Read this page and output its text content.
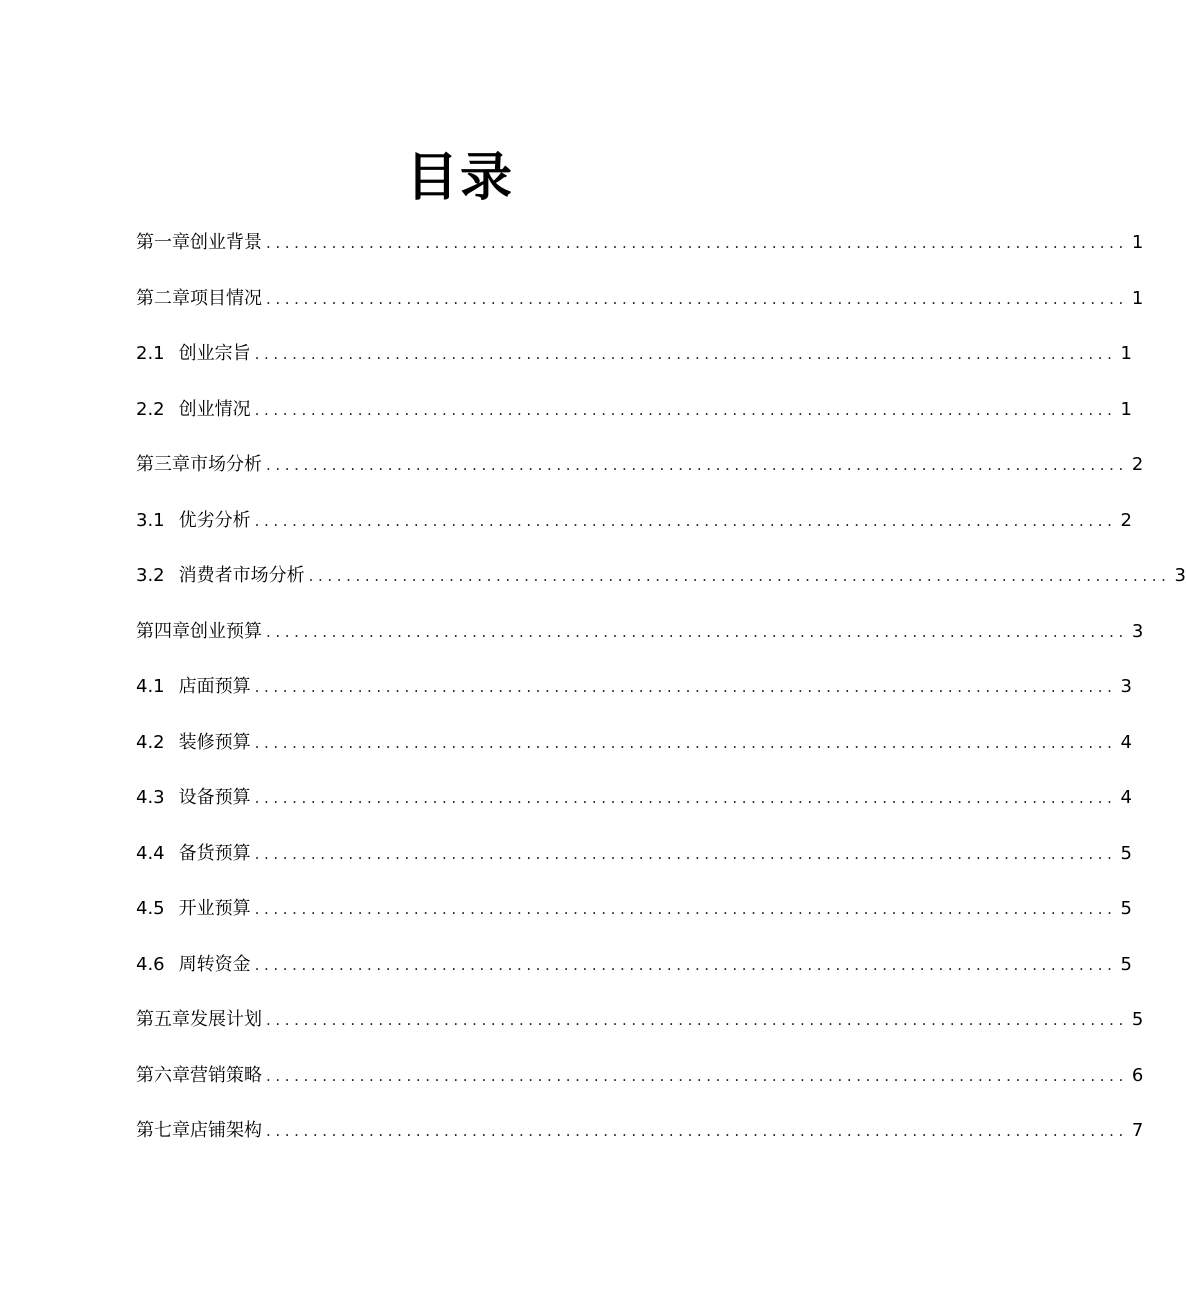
目录
第一章创业背景 ............................................................................................ 1
第二章项目情况 ............................................................................................ 1
2.1 创业宗旨 ............................................................................................ 1
2.2 创业情况 ............................................................................................ 1
第三章市场分析 ............................................................................................ 2
3.1 优劣分析 ............................................................................................ 2
3.2 消费者市场分析 ............................................................................................ 3
第四章创业预算 ............................................................................................ 3
4.1 店面预算 ............................................................................................ 3
4.2 装修预算 ............................................................................................ 4
4.3 设备预算 ............................................................................................ 4
4.4 备货预算 ............................................................................................ 5
4.5 开业预算 ............................................................................................ 5
4.6 周转资金 ............................................................................................ 5
第五章发展计划 ............................................................................................ 5
第六章营销策略 ............................................................................................ 6
第七章店铺架构 ............................................................................................ 7
